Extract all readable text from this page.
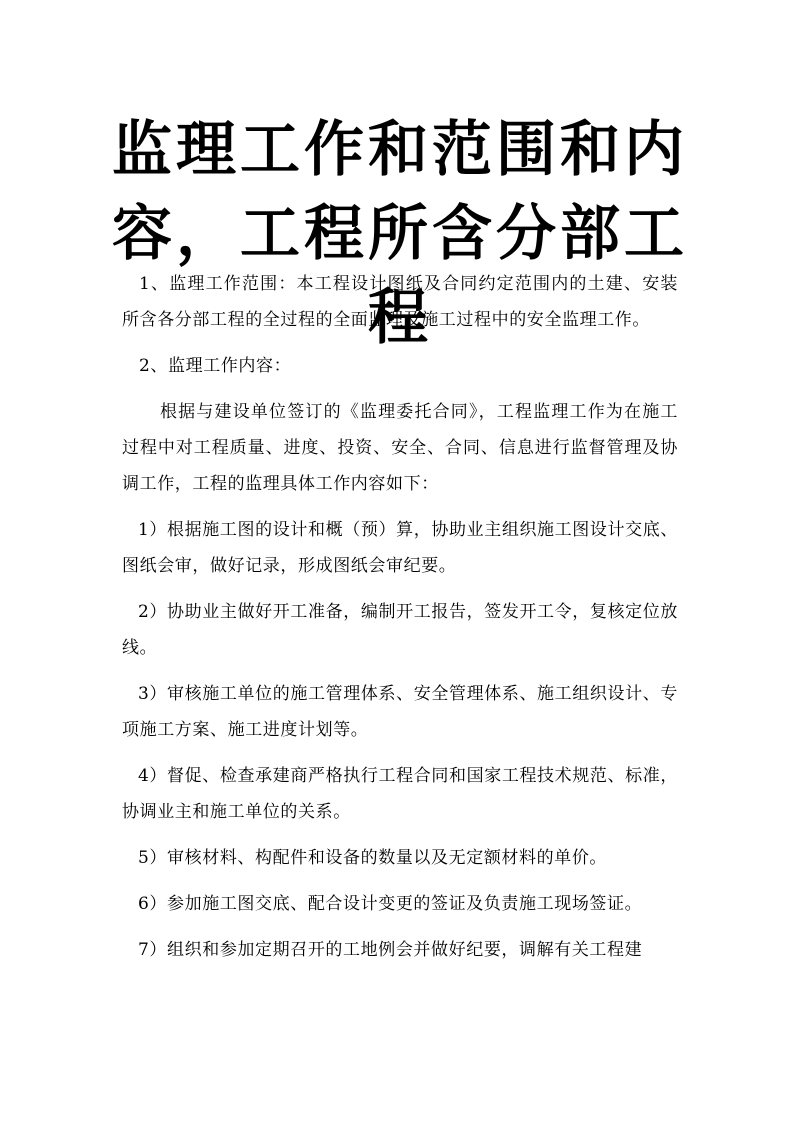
监理工作和范围和内容，工程所含分部工程

1、监理工作范围：本工程设计图纸及合同约定范围内的土建、安装所含各分部工程的全过程的全面监理及施工过程中的安全监理工作。

2、监理工作内容：

根据与建设单位签订的《监理委托合同》，工程监理工作为在施工过程中对工程质量、进度、投资、安全、合同、信息进行监督管理及协调工作，工程的监理具体工作内容如下：

1）根据施工图的设计和概（预）算，协助业主组织施工图设计交底、图纸会审，做好记录，形成图纸会审纪要。

2）协助业主做好开工准备，编制开工报告，签发开工令，复核定位放线。

3）审核施工单位的施工管理体系、安全管理体系、施工组织设计、专项施工方案、施工进度计划等。

4）督促、检查承建商严格执行工程合同和国家工程技术规范、标准，协调业主和施工单位的关系。

5）审核材料、构配件和设备的数量以及无定额材料的单价。

6）参加施工图交底、配合设计变更的签证及负责施工现场签证。

7）组织和参加定期召开的工地例会并做好纪要，调解有关工程建
